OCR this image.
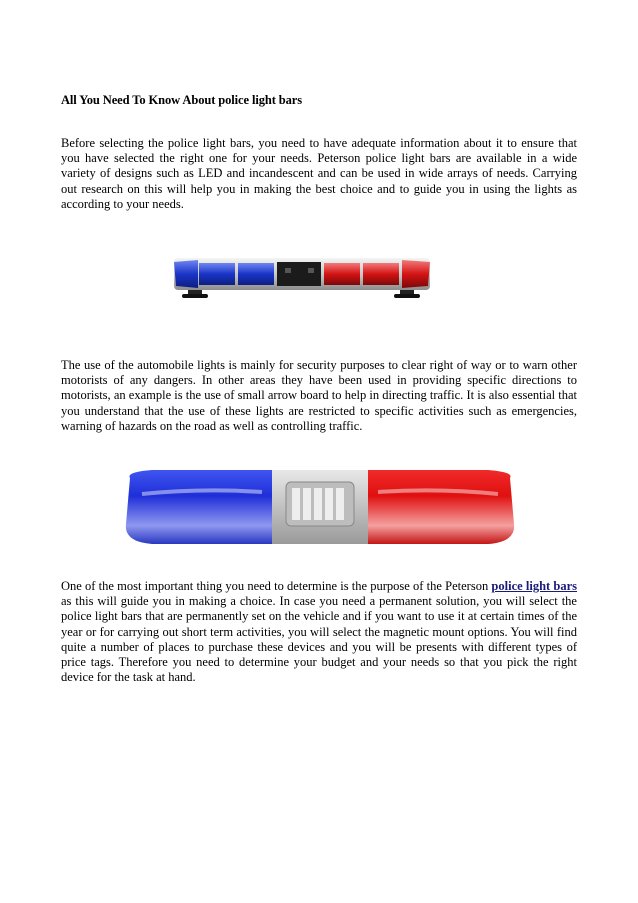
All You Need To Know About police light bars

Before selecting the police light bars, you need to have adequate information about it to ensure that you have selected the right one for your needs. Peterson police light bars are available in a wide variety of designs such as LED and incandescent and can be used in wide arrays of needs. Carrying out research on this will help you in making the best choice and to guide you in using the lights as according to your needs.

The use of the automobile lights is mainly for security purposes to clear right of way or to warn other motorists of any dangers. In other areas they have been used in providing specific directions to motorists, an example is the use of small arrow board to help in directing traffic. It is also essential that you understand that the use of these lights are restricted to specific activities such as emergencies, warning of hazards on the road as well as controlling traffic.

One of the most important thing you need to determine is the purpose of the Peterson police light bars as this will guide you in making a choice. In case you need a permanent solution, you will select the police light bars that are permanently set on the vehicle and if you want to use it at certain times of the year or for carrying out short term activities, you will select the magnetic mount options. You will find quite a number of places to purchase these devices and you will be presents with different types of price tags. Therefore you need to determine your budget and your needs so that you pick the right device for the task at hand.
